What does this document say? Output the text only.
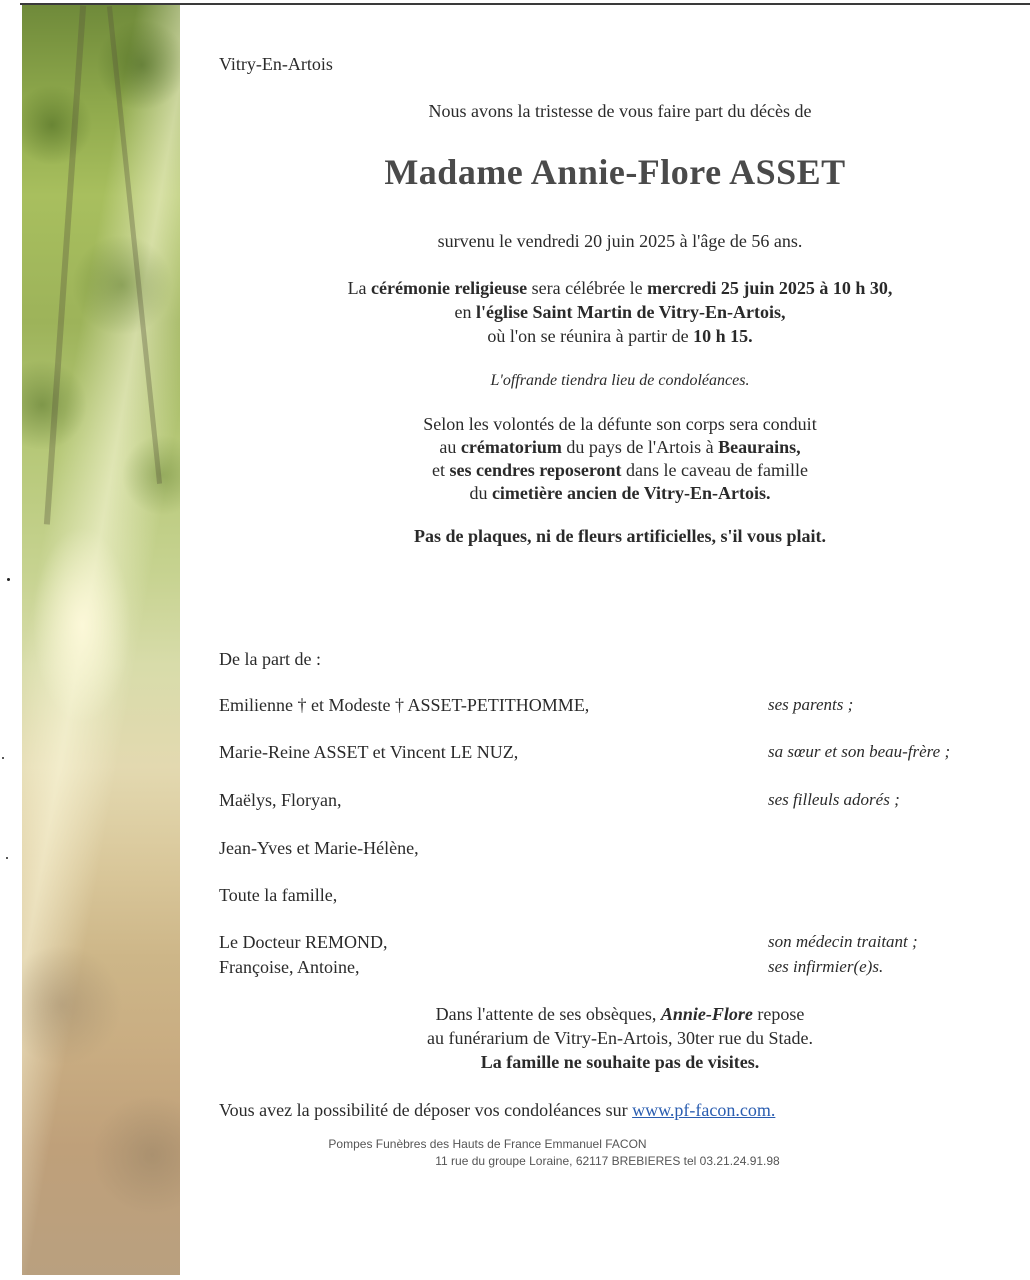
Vitry-En-Artois
Nous avons la tristesse de vous faire part du décès de
Madame Annie-Flore ASSET
survenu le vendredi 20 juin 2025 à l'âge de 56 ans.
La cérémonie religieuse sera célébrée le mercredi 25 juin 2025 à 10 h 30,
en l'église Saint Martin de Vitry-En-Artois,
où l'on se réunira à partir de 10 h 15.
L'offrande tiendra lieu de condoléances.
Selon les volontés de la défunte son corps sera conduit
au crématorium du pays de l'Artois à Beaurains,
et ses cendres reposeront dans le caveau de famille
du cimetière ancien de Vitry-En-Artois.
Pas de plaques, ni de fleurs artificielles, s'il vous plait.
De la part de :
Emilienne † et Modeste † ASSET-PETITHOMME,	ses parents ;
Marie-Reine ASSET et Vincent LE NUZ,	sa sœur et son beau-frère ;
Maëlys, Floryan,	ses filleuls adorés ;
Jean-Yves et Marie-Hélène,
Toute la famille,
Le Docteur REMOND,	son médecin traitant ;
Françoise, Antoine,	ses infirmier(e)s.
Dans l'attente de ses obsèques, Annie-Flore repose
au funérarium de Vitry-En-Artois, 30ter rue du Stade.
La famille ne souhaite pas de visites.
Vous avez la possibilité de déposer vos condoléances sur www.pf-facon.com.
Pompes Funèbres des Hauts de France Emmanuel FACON
11 rue du groupe Loraine, 62117 BREBIERES tel 03.21.24.91.98
